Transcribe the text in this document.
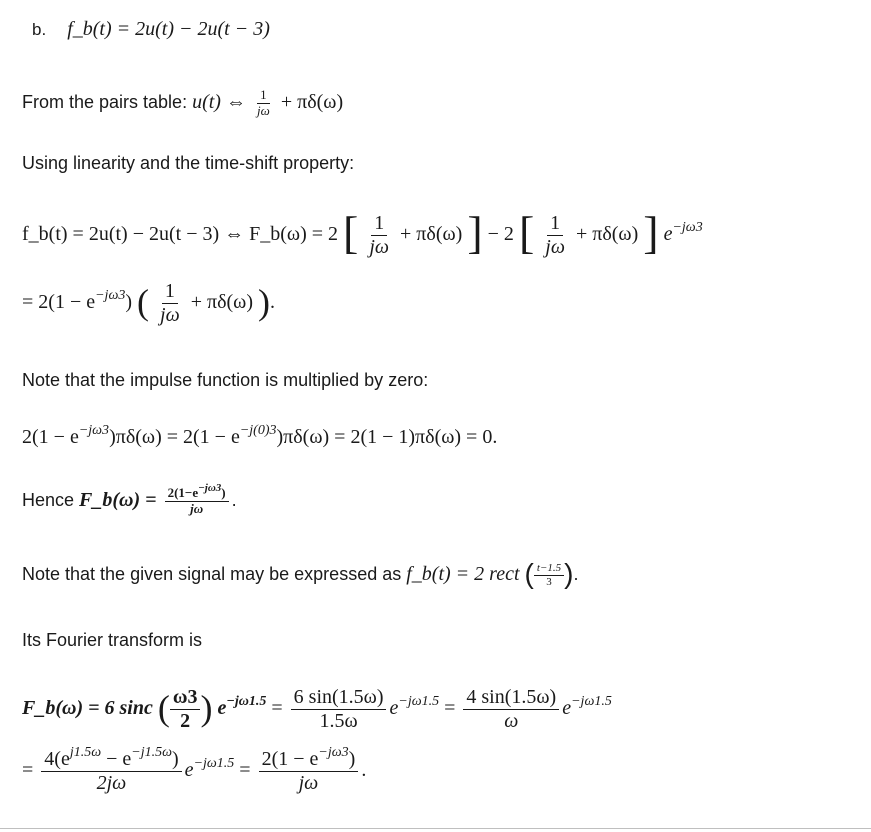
b. f_b(t) = 2u(t) − 2u(t − 3)
From the pairs table: u(t) ⇔ $\frac{1}{j\omega} + \pi\delta(\omega)$
Using linearity and the time-shift property:
f_b(t) = 2u(t) − 2u(t − 3) ⇔ F_b(ω) = 2 [ $\frac{1}{j\omega} + \pi\delta(\omega)$ ] − 2 [ $\frac{1}{j\omega} + \pi\delta(\omega)$ ] $e^{-j\omega 3}$
= $2(1 - e^{-j\omega 3})$ ( $\frac{1}{j\omega} + \pi\delta(\omega)$ ).
Note that the impulse function is multiplied by zero:
$2(1 - e^{-j\omega 3})\pi\delta(\omega) = 2(1 - e^{-j(0)3})\pi\delta(\omega) = 2(1 - 1)\pi\delta(\omega) = 0$.
Hence F_b(ω) = $\frac{2(1-e^{-j\omega 3})}{j\omega}$ .
Note that the given signal may be expressed as f_b(t) = 2 rect ( $\frac{t-1.5}{3}$ ).
Its Fourier transform is
F_b(ω) = 6 sinc ( $\frac{\omega 3}{2}$ ) $e^{-j\omega 1.5} = \frac{6 \sin(1.5\omega)}{1.5\omega} e^{-j\omega 1.5} = \frac{4 \sin(1.5\omega)}{\omega} e^{-j\omega 1.5}$
= $\frac{4(e^{j1.5\omega} - e^{-j1.5\omega})}{2j\omega} e^{-j\omega 1.5} = \frac{2(1 - e^{-j\omega 3})}{j\omega}$ .
